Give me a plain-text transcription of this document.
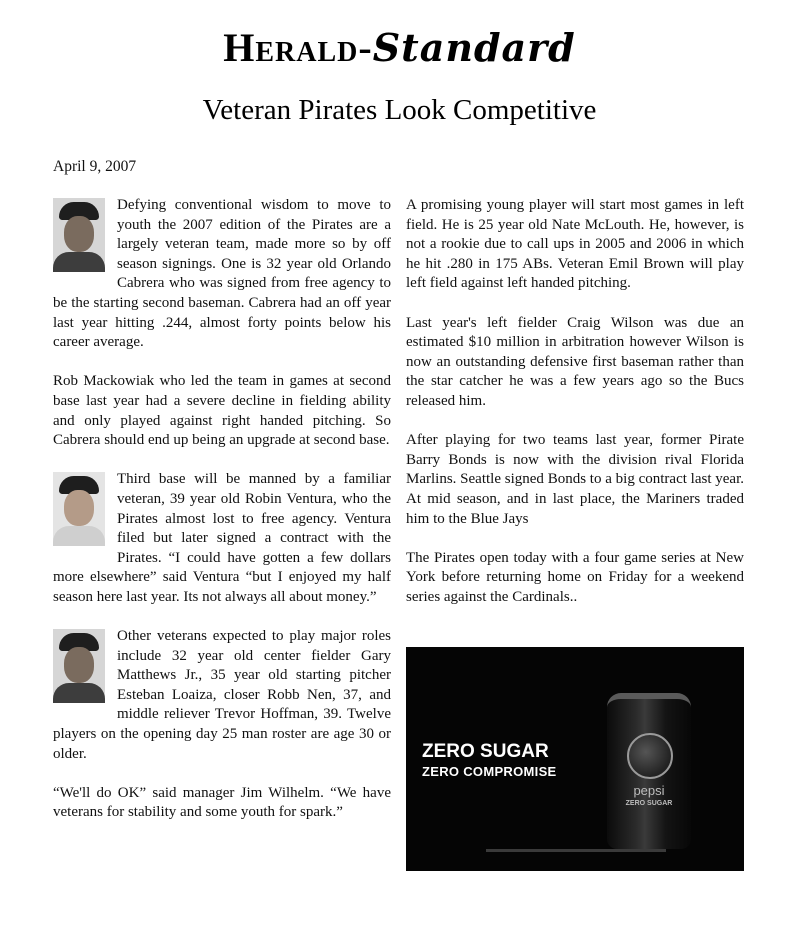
Herald-Standard
Veteran Pirates Look Competitive
April 9, 2007

Defying conventional wisdom to move to youth the 2007 edition of the Pirates are a largely veteran team, made more so by off season signings. One is 32 year old Orlando Cabrera who was signed from free agency to be the starting second baseman. Cabrera had an off year last year hitting .244, almost forty points below his career average.

Rob Mackowiak who led the team in games at second base last year had a severe decline in fielding ability and only played against right handed pitching. So Cabrera should end up being an upgrade at second base.

Third base will be manned by a familiar veteran, 39 year old Robin Ventura, who the Pirates almost lost to free agency. Ventura filed but later signed a contract with the Pirates. “I could have gotten a few dollars more elsewhere” said Ventura “but I enjoyed my half season here last year. Its not always all about money.”

Other veterans expected to play major roles include 32 year old center fielder Gary Matthews Jr., 35 year old starting pitcher Esteban Loaiza, closer Robb Nen, 37, and middle reliever Trevor Hoffman, 39. Twelve players on the opening day 25 man roster are age 30 or older.

“We'll do OK” said manager Jim Wilhelm. “We have veterans for stability and some youth for spark.”

A promising young player will start most games in left field. He is 25 year old Nate McLouth. He, however, is not a rookie due to call ups in 2005 and 2006 in which he hit .280 in 175 ABs. Veteran Emil Brown will play left field against left handed pitching.

Last year's left fielder Craig Wilson was due an estimated $10 million in arbitration however Wilson is now an outstanding defensive first baseman rather than the star catcher he was a few years ago so the Bucs released him.

After playing for two teams last year, former Pirate Barry Bonds is now with the division rival Florida Marlins. Seattle signed Bonds to a big contract last year. At mid season, and in last place, the Mariners traded him to the Blue Jays

The Pirates open today with a four game series at New York before returning home on Friday for a weekend series against the Cardinals..

ZERO SUGAR
ZERO COMPROMISE
pepsi
ZERO SUGAR
